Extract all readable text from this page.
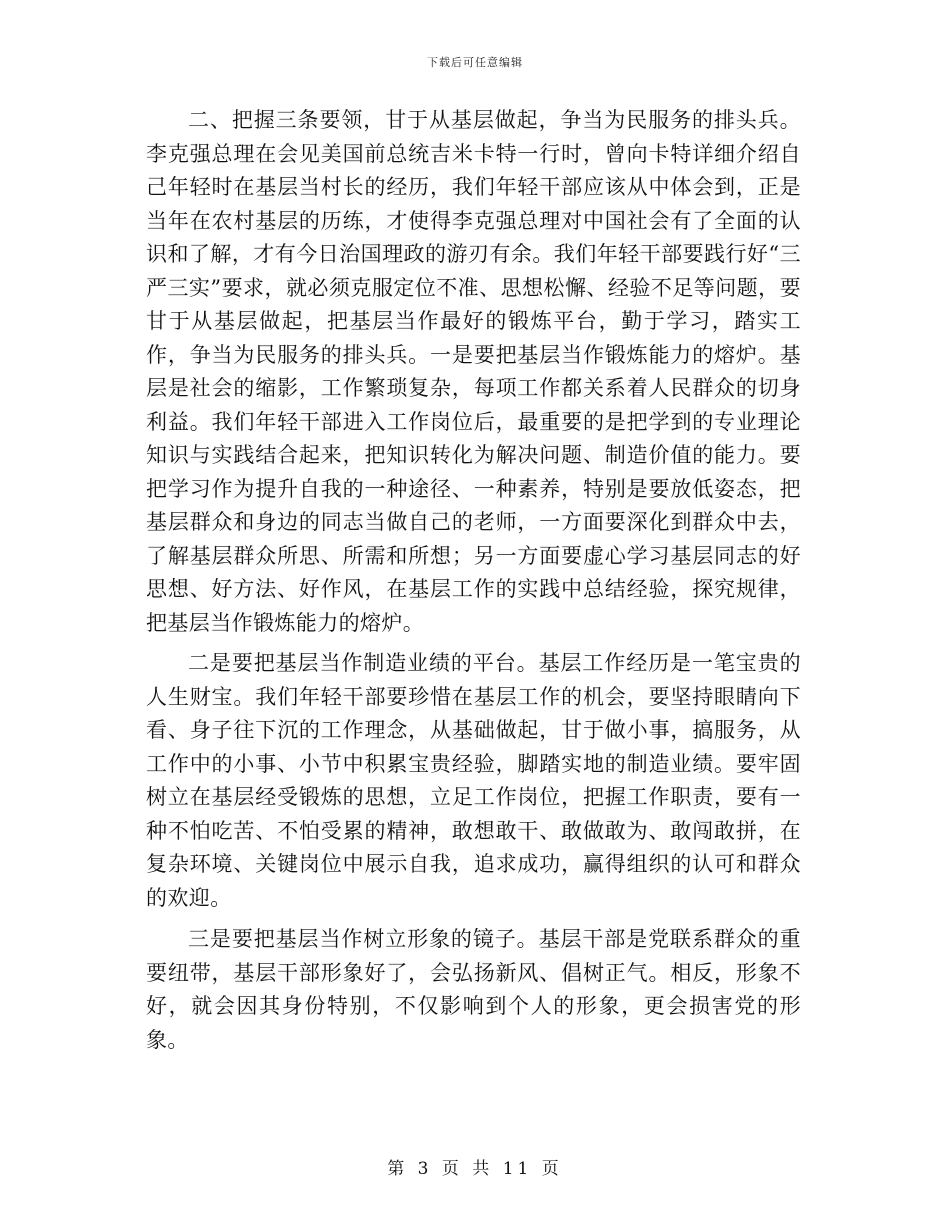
下载后可任意编辑

二、把握三条要领，甘于从基层做起，争当为民服务的排头兵。李克强总理在会见美国前总统吉米卡特一行时，曾向卡特详细介绍自己年轻时在基层当村长的经历，我们年轻干部应该从中体会到，正是当年在农村基层的历练，才使得李克强总理对中国社会有了全面的认识和了解，才有今日治国理政的游刃有余。我们年轻干部要践行好“三严三实”要求，就必须克服定位不准、思想松懈、经验不足等问题，要甘于从基层做起，把基层当作最好的锻炼平台，勤于学习，踏实工作，争当为民服务的排头兵。一是要把基层当作锻炼能力的熔炉。基层是社会的缩影，工作繁琐复杂，每项工作都关系着人民群众的切身利益。我们年轻干部进入工作岗位后，最重要的是把学到的专业理论知识与实践结合起来，把知识转化为解决问题、制造价值的能力。要把学习作为提升自我的一种途径、一种素养，特别是要放低姿态，把基层群众和身边的同志当做自己的老师，一方面要深化到群众中去，了解基层群众所思、所需和所想；另一方面要虚心学习基层同志的好思想、好方法、好作风，在基层工作的实践中总结经验，探究规律，把基层当作锻炼能力的熔炉。

二是要把基层当作制造业绩的平台。基层工作经历是一笔宝贵的人生财宝。我们年轻干部要珍惜在基层工作的机会，要坚持眼睛向下看、身子往下沉的工作理念，从基础做起，甘于做小事，搞服务，从工作中的小事、小节中积累宝贵经验，脚踏实地的制造业绩。要牢固树立在基层经受锻炼的思想，立足工作岗位，把握工作职责，要有一种不怕吃苦、不怕受累的精神，敢想敢干、敢做敢为、敢闯敢拼，在复杂环境、关键岗位中展示自我，追求成功，赢得组织的认可和群众的欢迎。

三是要把基层当作树立形象的镜子。基层干部是党联系群众的重要纽带，基层干部形象好了，会弘扬新风、倡树正气。相反，形象不好，就会因其身份特别，不仅影响到个人的形象，更会损害党的形象。

第 3 页 共 11 页
